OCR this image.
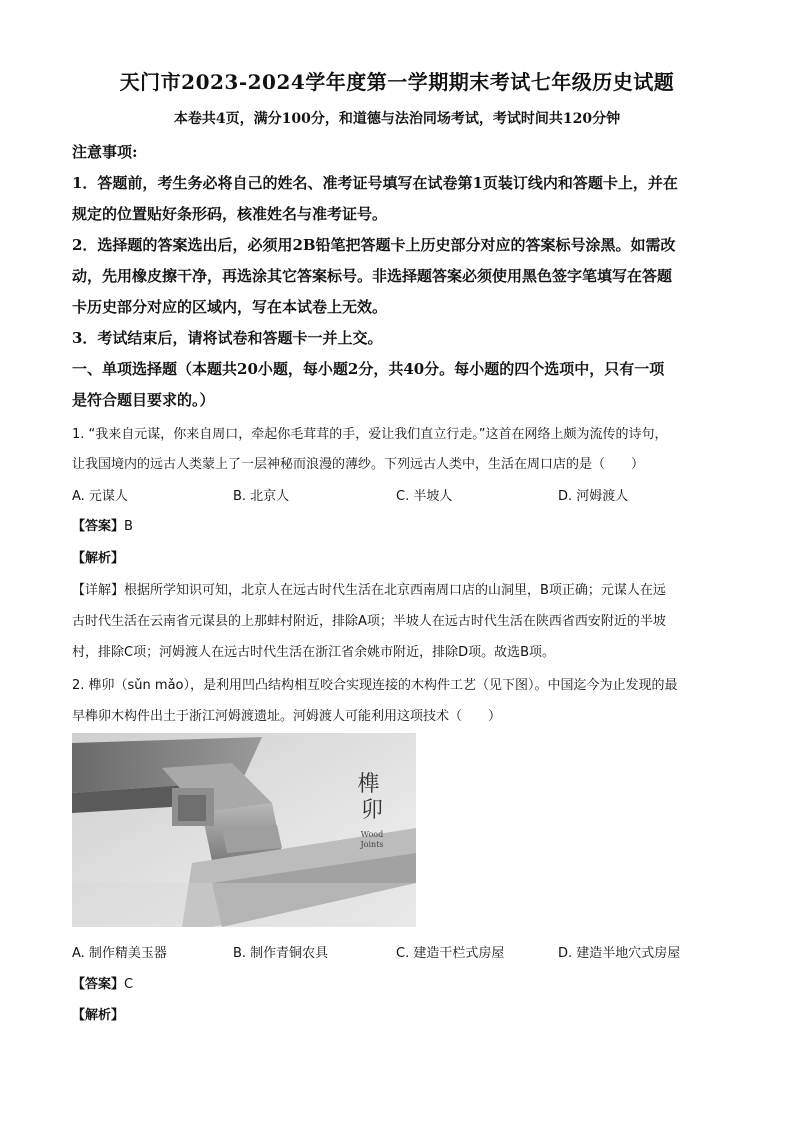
天门市2023-2024学年度第一学期期末考试七年级历史试题
本卷共4页，满分100分，和道德与法治同场考试，考试时间共120分钟
注意事项:
1．答题前，考生务必将自己的姓名、准考证号填写在试卷第1页装订线内和答题卡上，并在
规定的位置贴好条形码，核准姓名与准考证号。
2．选择题的答案选出后，必须用2B铅笔把答题卡上历史部分对应的答案标号涂黑。如需改
动，先用橡皮擦干净，再选涂其它答案标号。非选择题答案必须使用黑色签字笔填写在答题
卡历史部分对应的区域内，写在本试卷上无效。
3．考试结束后，请将试卷和答题卡一并上交。
一、单项选择题（本题共20小题，每小题2分，共40分。每小题的四个选项中，只有一项
是符合题目要求的。）
1. “我来自元谋，你来自周口，牵起你毛茸茸的手，爱让我们直立行走。”这首在网络上颇为流传的诗句，
让我国境内的远古人类蒙上了一层神秘而浪漫的薄纱。下列远古人类中，生活在周口店的是（　　）
A. 元谋人	B. 北京人	C. 半坡人	D. 河姆渡人
【答案】B
【解析】
【详解】根据所学知识可知，北京人在远古时代生活在北京西南周口店的山洞里，B项正确；元谋人在远
古时代生活在云南省元谋县的上那蚌村附近，排除A项；半坡人在远古时代生活在陕西省西安附近的半坡
村，排除C项；河姆渡人在远古时代生活在浙江省余姚市附近，排除D项。故选B项。
2. 榫卯（sǔn mǎo），是利用凹凸结构相互咬合实现连接的木构件工艺（见下图）。中国迄今为止发现的最
早榫卯木构件出土于浙江河姆渡遗址。河姆渡人可能利用这项技术（　　）
榫 卯
Wood
Joints
A. 制作精美玉器	B. 制作青铜农具	C. 建造干栏式房屋	D. 建造半地穴式房屋
【答案】C
【解析】
